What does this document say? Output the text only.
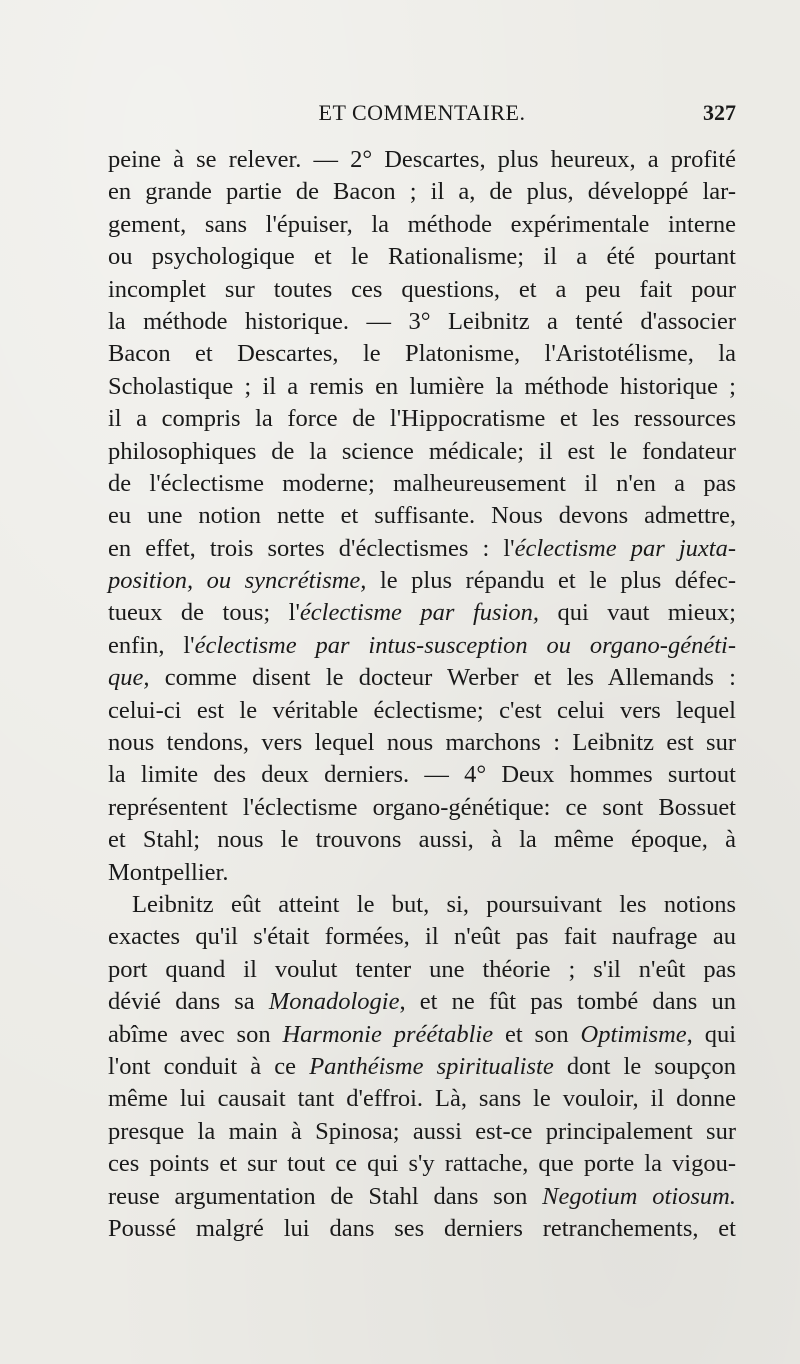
ET COMMENTAIRE.	327
peine à se relever. — 2° Descartes, plus heureux, a profité
en grande partie de Bacon ; il a, de plus, développé lar-
gement, sans l'épuiser, la méthode expérimentale interne
ou psychologique et le Rationalisme; il a été pourtant
incomplet sur toutes ces questions, et a peu fait pour
la méthode historique. — 3° Leibnitz a tenté d'associer
Bacon et Descartes, le Platonisme, l'Aristotélisme, la
Scholastique ; il a remis en lumière la méthode historique ;
il a compris la force de l'Hippocratisme et les ressources
philosophiques de la science médicale; il est le fondateur
de l'éclectisme moderne; malheureusement il n'en a pas
eu une notion nette et suffisante. Nous devons admettre,
en effet, trois sortes d'éclectismes : l'éclectisme par juxta-
position, ou syncrétisme, le plus répandu et le plus défec-
tueux de tous; l'éclectisme par fusion, qui vaut mieux;
enfin, l'éclectisme par intus-susception ou organo-généti-
que, comme disent le docteur Werber et les Allemands :
celui-ci est le véritable éclectisme; c'est celui vers lequel
nous tendons, vers lequel nous marchons : Leibnitz est sur
la limite des deux derniers. — 4° Deux hommes surtout
représentent l'éclectisme organo-génétique: ce sont Bossuet
et Stahl; nous le trouvons aussi, à la même époque, à
Montpellier.
Leibnitz eût atteint le but, si, poursuivant les notions
exactes qu'il s'était formées, il n'eût pas fait naufrage au
port quand il voulut tenter une théorie ; s'il n'eût pas
dévié dans sa Monadologie, et ne fût pas tombé dans un
abîme avec son Harmonie préétablie et son Optimisme, qui
l'ont conduit à ce Panthéisme spiritualiste dont le soupçon
même lui causait tant d'effroi. Là, sans le vouloir, il donne
presque la main à Spinosa; aussi est-ce principalement sur
ces points et sur tout ce qui s'y rattache, que porte la vigou-
reuse argumentation de Stahl dans son Negotium otiosum.
Poussé malgré lui dans ses derniers retranchements, et
